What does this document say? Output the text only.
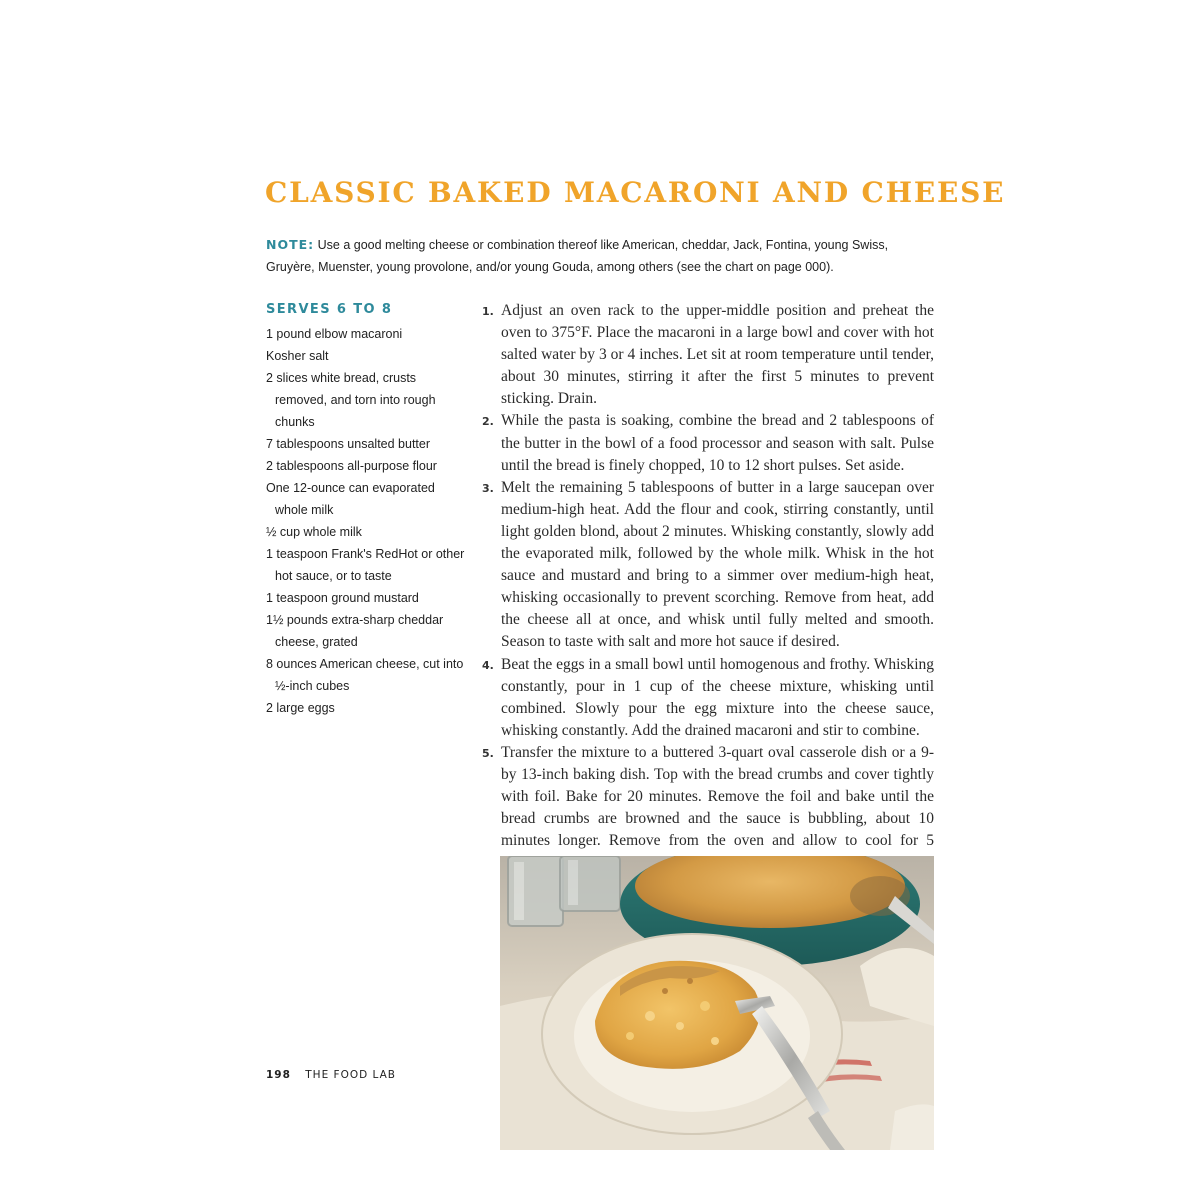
CLASSIC BAKED MACARONI AND CHEESE

NOTE: Use a good melting cheese or combination thereof like American, cheddar, Jack, Fontina, young Swiss, Gruyère, Muenster, young provolone, and/or young Gouda, among others (see the chart on page 000).

SERVES 6 TO 8
1 pound elbow macaroni
Kosher salt
2 slices white bread, crusts removed, and torn into rough chunks
7 tablespoons unsalted butter
2 tablespoons all-purpose flour
One 12-ounce can evaporated whole milk
½ cup whole milk
1 teaspoon Frank's RedHot or other hot sauce, or to taste
1 teaspoon ground mustard
1½ pounds extra-sharp cheddar cheese, grated
8 ounces American cheese, cut into ½-inch cubes
2 large eggs
1. Adjust an oven rack to the upper-middle position and preheat the oven to 375°F. Place the macaroni in a large bowl and cover with hot salted water by 3 or 4 inches. Let sit at room temperature until tender, about 30 minutes, stirring it after the first 5 minutes to prevent sticking. Drain.
2. While the pasta is soaking, combine the bread and 2 tablespoons of the butter in the bowl of a food processor and season with salt. Pulse until the bread is finely chopped, 10 to 12 short pulses. Set aside.
3. Melt the remaining 5 tablespoons of butter in a large saucepan over medium-high heat. Add the flour and cook, stirring constantly, until light golden blond, about 2 minutes. Whisking constantly, slowly add the evaporated milk, followed by the whole milk. Whisk in the hot sauce and mustard and bring to a simmer over medium-high heat, whisking occasionally to prevent scorching. Remove from heat, add the cheese all at once, and whisk until fully melted and smooth. Season to taste with salt and more hot sauce if desired.
4. Beat the eggs in a small bowl until homogenous and frothy. Whisking constantly, pour in 1 cup of the cheese mixture, whisking until combined. Slowly pour the egg mixture into the cheese sauce, whisking constantly. Add the drained macaroni and stir to combine.
5. Transfer the mixture to a buttered 3-quart oval casserole dish or a 9- by 13-inch baking dish. Top with the bread crumbs and cover tightly with foil. Bake for 20 minutes. Remove the foil and bake until the bread crumbs are browned and the sauce is bubbling, about 10 minutes longer. Remove from the oven and allow to cool for 5
198 THE FOOD LAB
